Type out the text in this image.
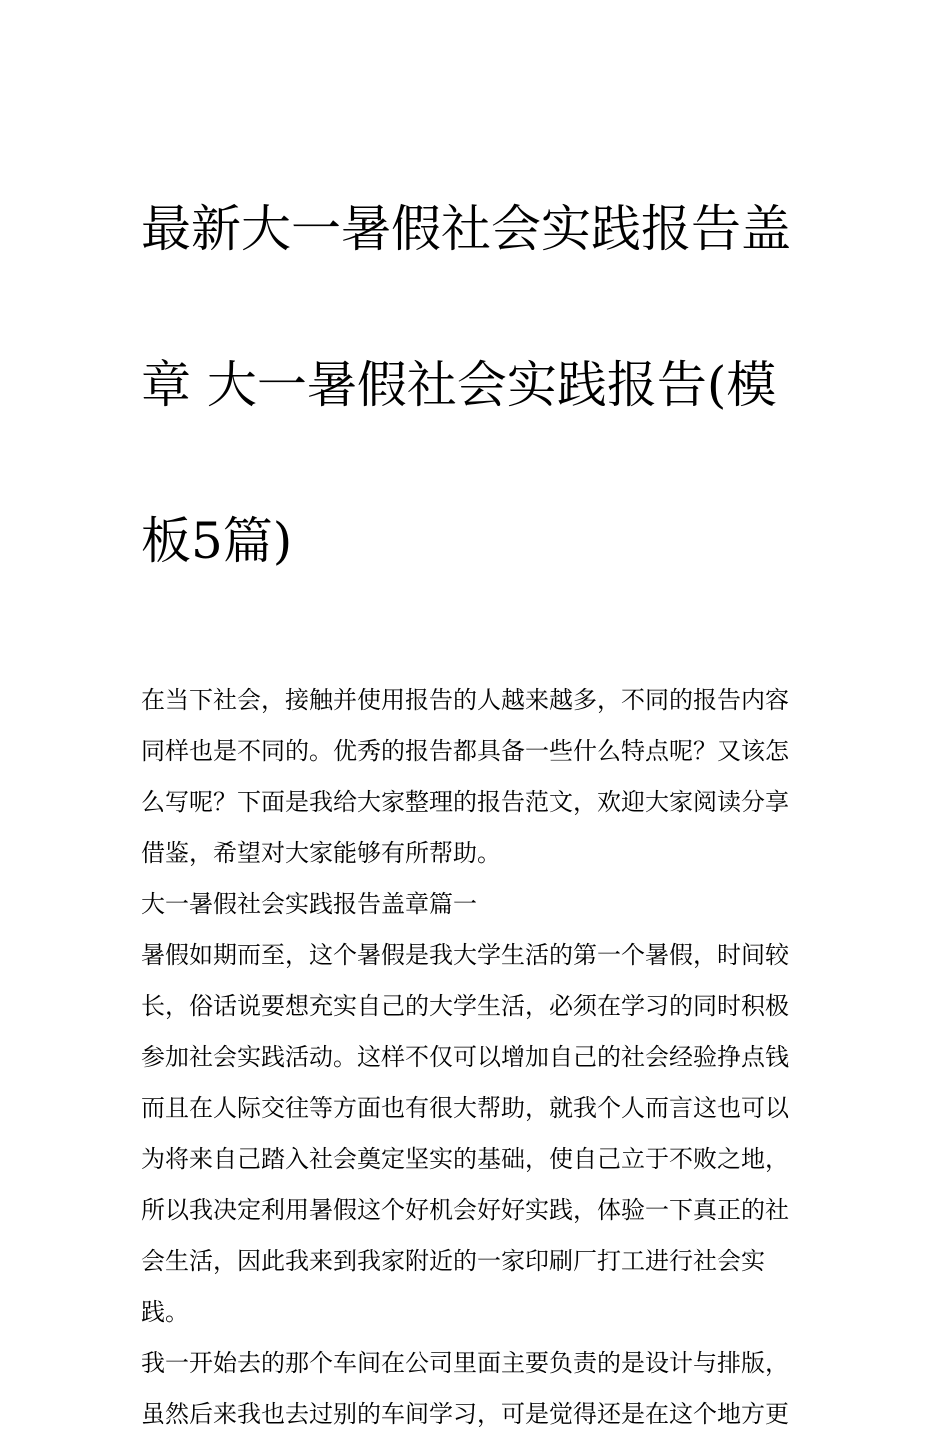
最新大一暑假社会实践报告盖

章 大一暑假社会实践报告(模

板5篇)

在当下社会，接触并使用报告的人越来越多，不同的报告内容
同样也是不同的。优秀的报告都具备一些什么特点呢？又该怎
么写呢？下面是我给大家整理的报告范文，欢迎大家阅读分享
借鉴，希望对大家能够有所帮助。
大一暑假社会实践报告盖章篇一
暑假如期而至，这个暑假是我大学生活的第一个暑假，时间较
长，俗话说要想充实自己的大学生活，必须在学习的同时积极
参加社会实践活动。这样不仅可以增加自己的社会经验挣点钱
而且在人际交往等方面也有很大帮助，就我个人而言这也可以
为将来自己踏入社会奠定坚实的基础，使自己立于不败之地，
所以我决定利用暑假这个好机会好好实践，体验一下真正的社
会生活，因此我来到我家附近的一家印刷厂打工进行社会实
践。
我一开始去的那个车间在公司里面主要负责的是设计与排版，
虽然后来我也去过别的车间学习，可是觉得还是在这个地方更
